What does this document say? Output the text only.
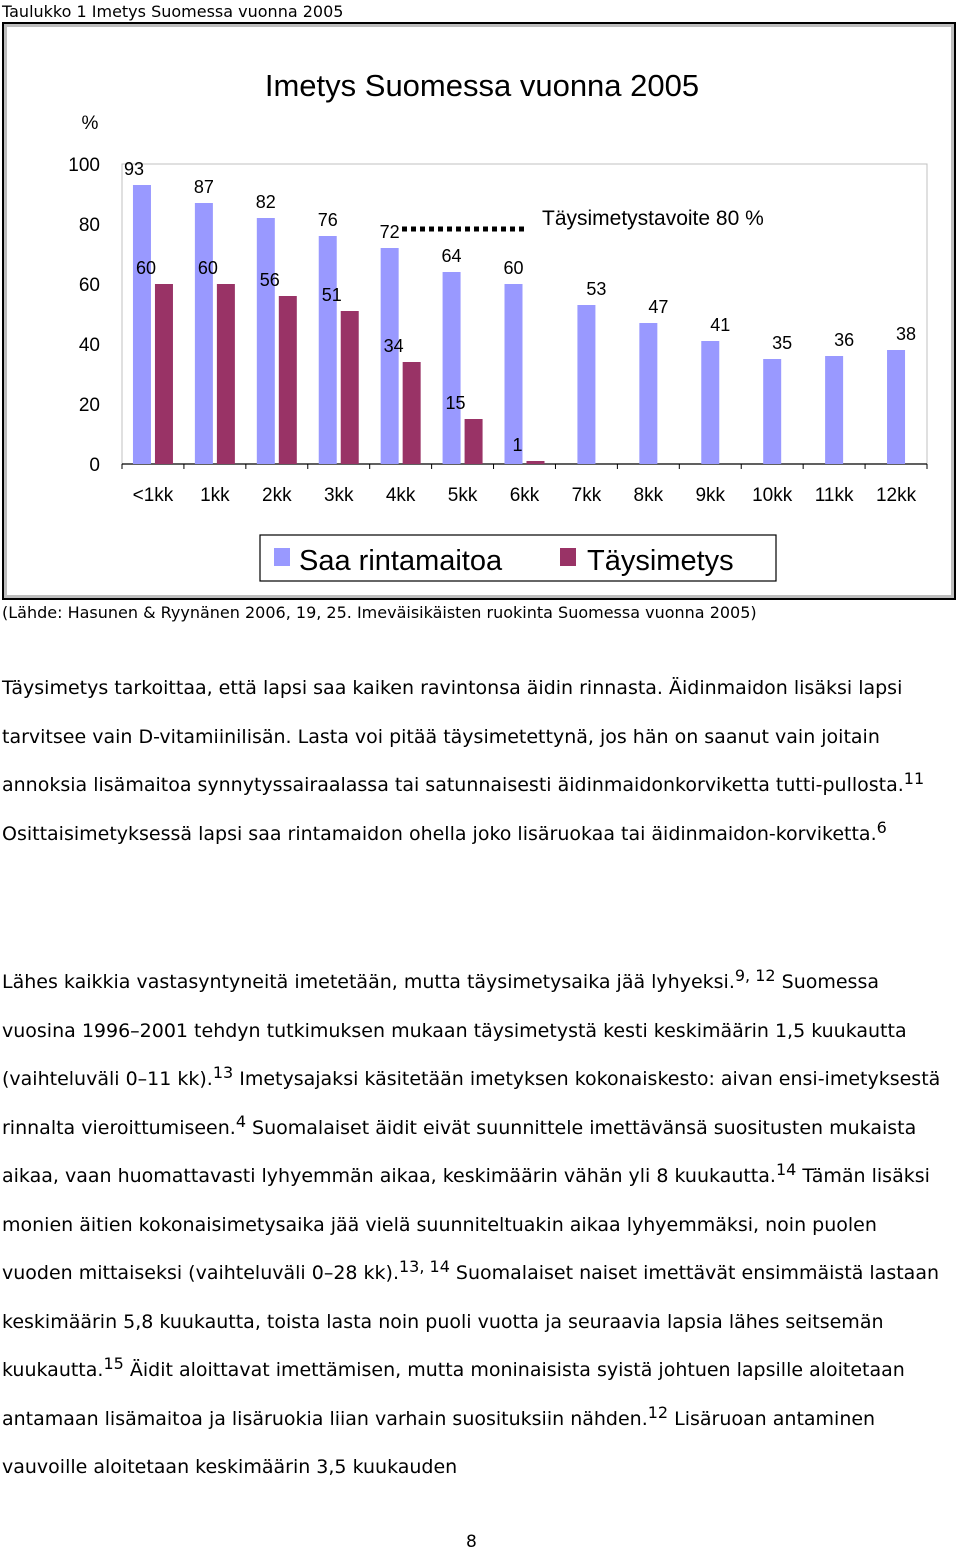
Taulukko 1 Imetys Suomessa vuonna 2005
%
Imetys Suomessa vuonna 2005
0
20
40
60
80
100
<1kk 1kk 2kk 3kk 4kk 5kk 6kk 7kk 8kk 9kk 10kk 11kk 12kk
93
60
87
60
82
56
76
51
72
34
64
15
60
1
53
47
41
35 36 38
Täysimetystavoite 80 %
Saa rintamaitoa	Täysimetys
(Lähde: Hasunen & Ryynänen 2006, 19, 25. Imeväisikäisten ruokinta Suomessa vuonna 2005)
Täysimetys tarkoittaa, että lapsi saa kaiken ravintonsa äidin rinnasta. Äidinmaidon lisäksi lapsi tarvitsee vain D-vitamiinilisän. Lasta voi pitää täysimetettynä, jos hän on saanut vain joitain annoksia lisämaitoa synnytyssairaalassa tai satunnaisesti äidinmaidonkorviketta tutti-pullosta.$^{11}$ Osittaisimetyksessä lapsi saa rintamaidon ohella joko lisäruokaa tai äidinmaidon-korviketta.$^6$
Lähes kaikkia vastasyntyneitä imetetään, mutta täysimetysaika jää lyhyeksi.$^{9, 12}$ Suomessa vuosina 1996–2001 tehdyn tutkimuksen mukaan täysimetystä kesti keskimäärin 1,5 kuukautta (vaihteluväli 0–11 kk).$^{13}$ Imetysajaksi käsitetään imetyksen kokonaiskesto: aivan ensi-imetyksestä rinnalta vieroittumiseen.$^4$ Suomalaiset äidit eivät suunnittele imettävänsä suositusten mukaista aikaa, vaan huomattavasti lyhyemmän aikaa, keskimäärin vähän yli 8 kuukautta.$^{14}$ Tämän lisäksi monien äitien kokonaisimetysaika jää vielä suunniteltuakin aikaa lyhyemmäksi, noin puolen vuoden mittaiseksi (vaihteluväli 0–28 kk).$^{13, 14}$ Suomalaiset naiset imettävät ensimmäistä lastaan keskimäärin 5,8 kuukautta, toista lasta noin puoli vuotta ja seuraavia lapsia lähes seitsemän kuukautta.$^{15}$ Äidit aloittavat imettämisen, mutta moninaisista syistä johtuen lapsille aloitetaan antamaan lisämaitoa ja lisäruokia liian varhain suosituksiin nähden.$^{12}$ Lisäruoan antaminen vauvoille aloitetaan keskimäärin 3,5 kuukauden
8
